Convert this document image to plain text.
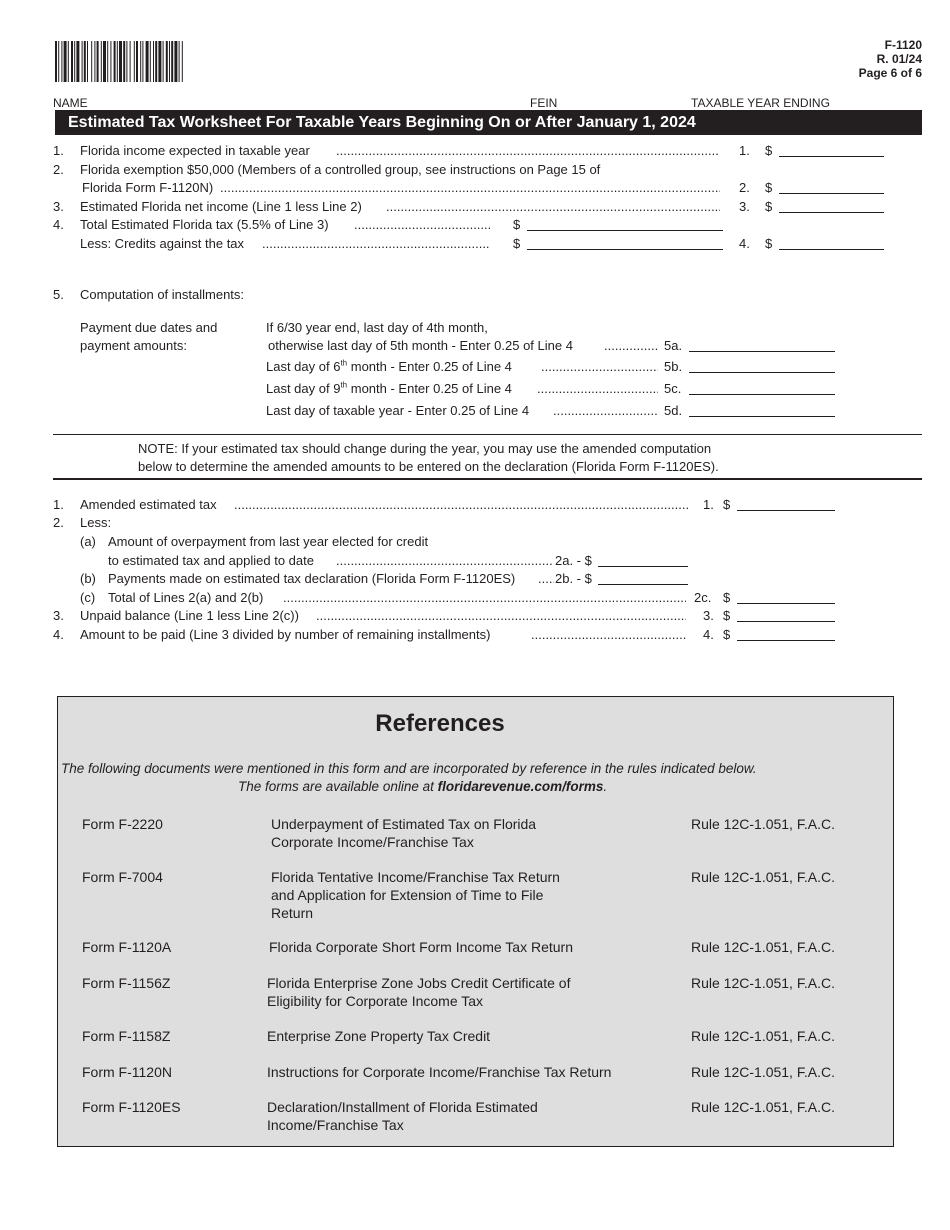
F-1120
R. 01/24
Page 6 of 6
NAME	FEIN	TAXABLE YEAR ENDING
Estimated Tax Worksheet For Taxable Years Beginning On or After January 1, 2024
1. Florida income expected in taxable year .....	1. $
2. Florida exemption $50,000 (Members of a controlled group, see instructions on Page 15 of
Florida Form F-1120N) .....	2. $
3. Estimated Florida net income (Line 1 less Line 2) .....	3. $
4. Total Estimated Florida tax (5.5% of Line 3) .....	$
Less: Credits against the tax .....	$	4. $
5. Computation of installments:
Payment due dates and
payment amounts:
If 6/30 year end, last day of 4th month,
otherwise last day of 5th month - Enter 0.25 of Line 4 .....	5a.
Last day of 6th month - Enter 0.25 of Line 4 .....	5b.
Last day of 9th month - Enter 0.25 of Line 4 .....	5c.
Last day of taxable year - Enter 0.25 of Line 4 .....	5d.
NOTE: If your estimated tax should change during the year, you may use the amended computation
below to determine the amended amounts to be entered on the declaration (Florida Form F-1120ES).
1. Amended estimated tax .....	1. $
2. Less:
(a) Amount of overpayment from last year elected for credit
to estimated tax and applied to date .....	2a. - $
(b) Payments made on estimated tax declaration (Florida Form F-1120ES) .....	2b. - $
(c) Total of Lines 2(a) and 2(b) .....	2c. $
3. Unpaid balance (Line 1 less Line 2(c)) .....	3. $
4. Amount to be paid (Line 3 divided by number of remaining installments) .....	4. $
References
The following documents were mentioned in this form and are incorporated by reference in the rules indicated below.
The forms are available online at floridarevenue.com/forms.
Form F-2220	Underpayment of Estimated Tax on Florida
Corporate Income/Franchise Tax
Rule 12C-1.051, F.A.C.
Form F-7004	Florida Tentative Income/Franchise Tax Return
and Application for Extension of Time to File
Return
Rule 12C-1.051, F.A.C.
Form F-1120A	Florida Corporate Short Form Income Tax Return	Rule 12C-1.051, F.A.C.
Form F-1156Z	Florida Enterprise Zone Jobs Credit Certificate of
Eligibility for Corporate Income Tax
Rule 12C-1.051, F.A.C.
Form F-1158Z	Enterprise Zone Property Tax Credit	Rule 12C-1.051, F.A.C.
Form F-1120N	Instructions for Corporate Income/Franchise Tax Return	Rule 12C-1.051, F.A.C.
Form F-1120ES	Declaration/Installment of Florida Estimated
Income/Franchise Tax
Rule 12C-1.051, F.A.C.
